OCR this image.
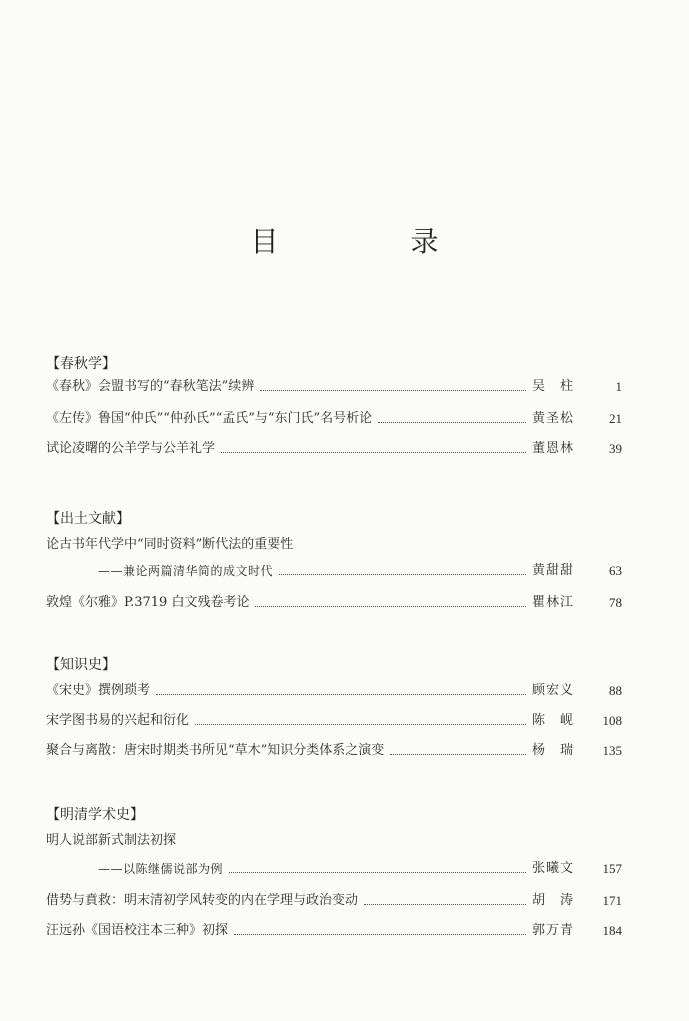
目　录
【春秋学】
《春秋》会盟书写的“春秋笔法”续辨	吴　柱	1
《左传》鲁国“仲氏”“仲孙氏”“孟氏”与“东门氏”名号析论	黄圣松	21
试论凌曙的公羊学与公羊礼学	董恩林	39
【出土文献】
论古书年代学中“同时资料”断代法的重要性
——兼论两篇清华简的成文时代	黄甜甜	63
敦煌《尔雅》P.3719 白文残卷考论	瞿林江	78
【知识史】
《宋史》撰例琐考	顾宏义	88
宋学图书易的兴起和衍化	陈　岘	108
聚合与离散：唐宋时期类书所见“草木”知识分类体系之演变	杨　瑞	135
【明清学术史】
明人说部新式制法初探
——以陈继儒说部为例	张曦文	157
借势与賁救：明末清初学风转变的内在学理与政治变动	胡　涛	171
汪远孙《国语校注本三种》初探	郭万青	184
